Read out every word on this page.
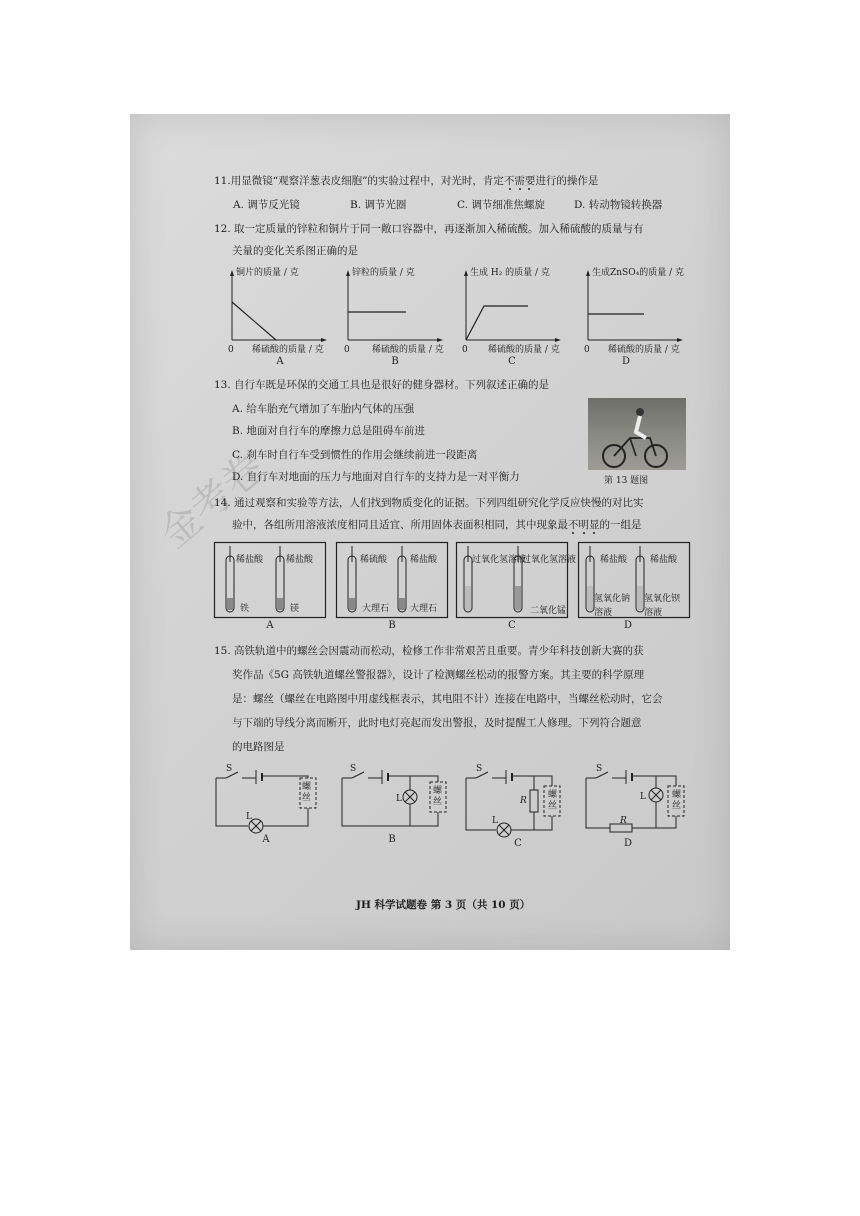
金考卷
11.用显微镜“观察洋葱表皮细胞”的实验过程中，对光时，肯定不需要
进行的操作是
A. 调节反光镜	B. 调节光圈	C. 调节细准焦螺旋	D. 转动物镜转换器
12. 取一定质量的锌粒和铜片于同一敞口容器中，再逐渐加入稀硫酸。加入稀硫酸的质量与有
关量的变化关系图正确的是
铜片的质量 / 克
0 稀硫酸的质量 / 克
A
锌粒的质量 / 克
0 稀硫酸的质量 / 克
B
生成 H₂ 的质量 / 克
0 稀硫酸的质量 / 克
C
生成ZnSO₄的质量 / 克
0 稀硫酸的质量 / 克
D
13. 自行车既是环保的交通工具也是很好的健身器材。下列叙述正确的是
A. 给车胎充气增加了车胎内气体的压强
B. 地面对自行车的摩擦力总是阻碍车前进
C. 刹车时自行车受到惯性的作用会继续前进一段距离
D. 自行车对地面的压力与地面对自行车的支持力是一对平衡力	第 13 题图
14. 通过观察和实验等方法，人们找到物质变化的证据。下列四组研究化学反应快慢的对比实
验中，各组所用溶液浓度相同且适宜、所用固体表面积相同，其中现象最不明显
的一组是
稀盐酸	稀盐酸
铁	镁
A
稀硫酸	稀盐酸
大理石 大理石
B
过氧化氢溶液
过氧化氢溶液
二氧化锰
C
稀盐酸	稀盐酸
氢氧化钠溶液
氢氧化钡溶液
D
15. 高铁轨道中的螺丝会因震动而松动，检修工作非常艰苦且重要。青少年科技创新大赛的获
奖作品《5G 高铁轨道螺丝警报器》，设计了检测螺丝松动的报警方案。其主要的科学原理
是：螺丝（螺丝在电路图中用虚线框表示，其电阻不计）连接在电路中，当螺丝松动时，它会
与下端的导线分离而断开，此时电灯亮起而发出警报，及时提醒工人修理。下列符合题意
的电路图是
S
L
螺丝
A
S
L
螺丝
B
S
L
R
螺丝
C
S
L
R
螺丝
D
JH 科学试题卷 第 3 页（共 10 页）
